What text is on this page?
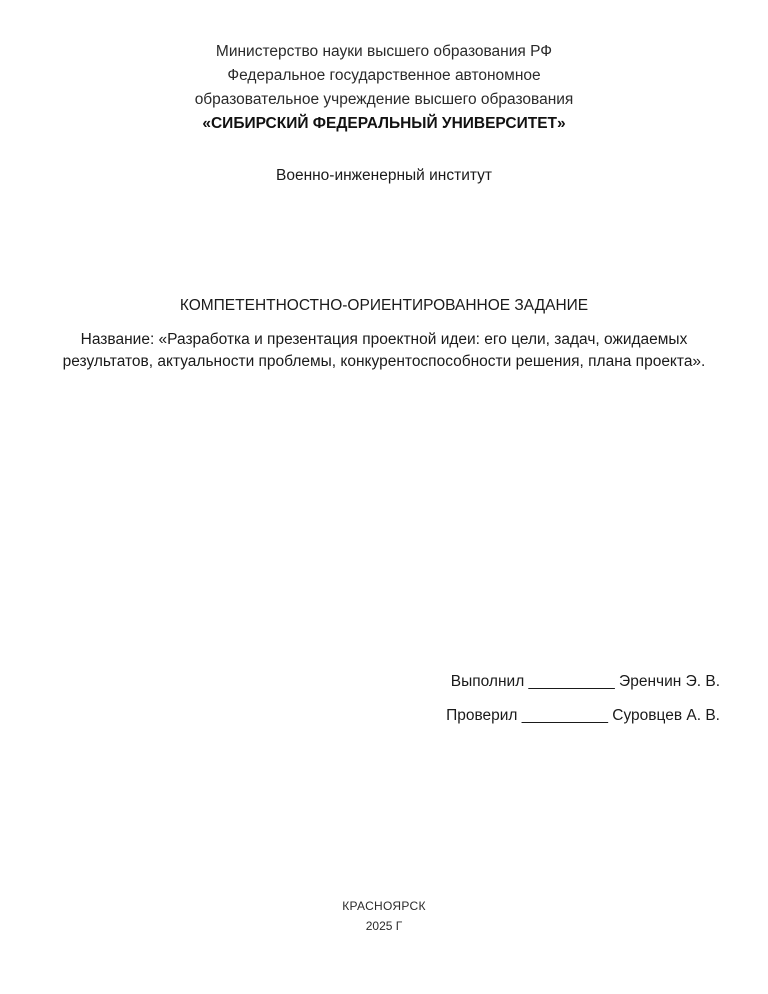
Министерство науки высшего образования РФ
Федеральное государственное автономное
образовательное учреждение высшего образования
«СИБИРСКИЙ ФЕДЕРАЛЬНЫЙ УНИВЕРСИТЕТ»
Военно-инженерный институт
КОМПЕТЕНТНОСТНО-ОРИЕНТИРОВАННОЕ ЗАДАНИЕ
Название: «Разработка и презентация проектной идеи: его цели, задач, ожидаемых результатов, актуальности проблемы, конкурентоспособности решения, плана проекта».
Выполнил __________ Эренчин Э. В.
Проверил __________ Суровцев А. В.
КРАСНОЯРСК
2025 Г
